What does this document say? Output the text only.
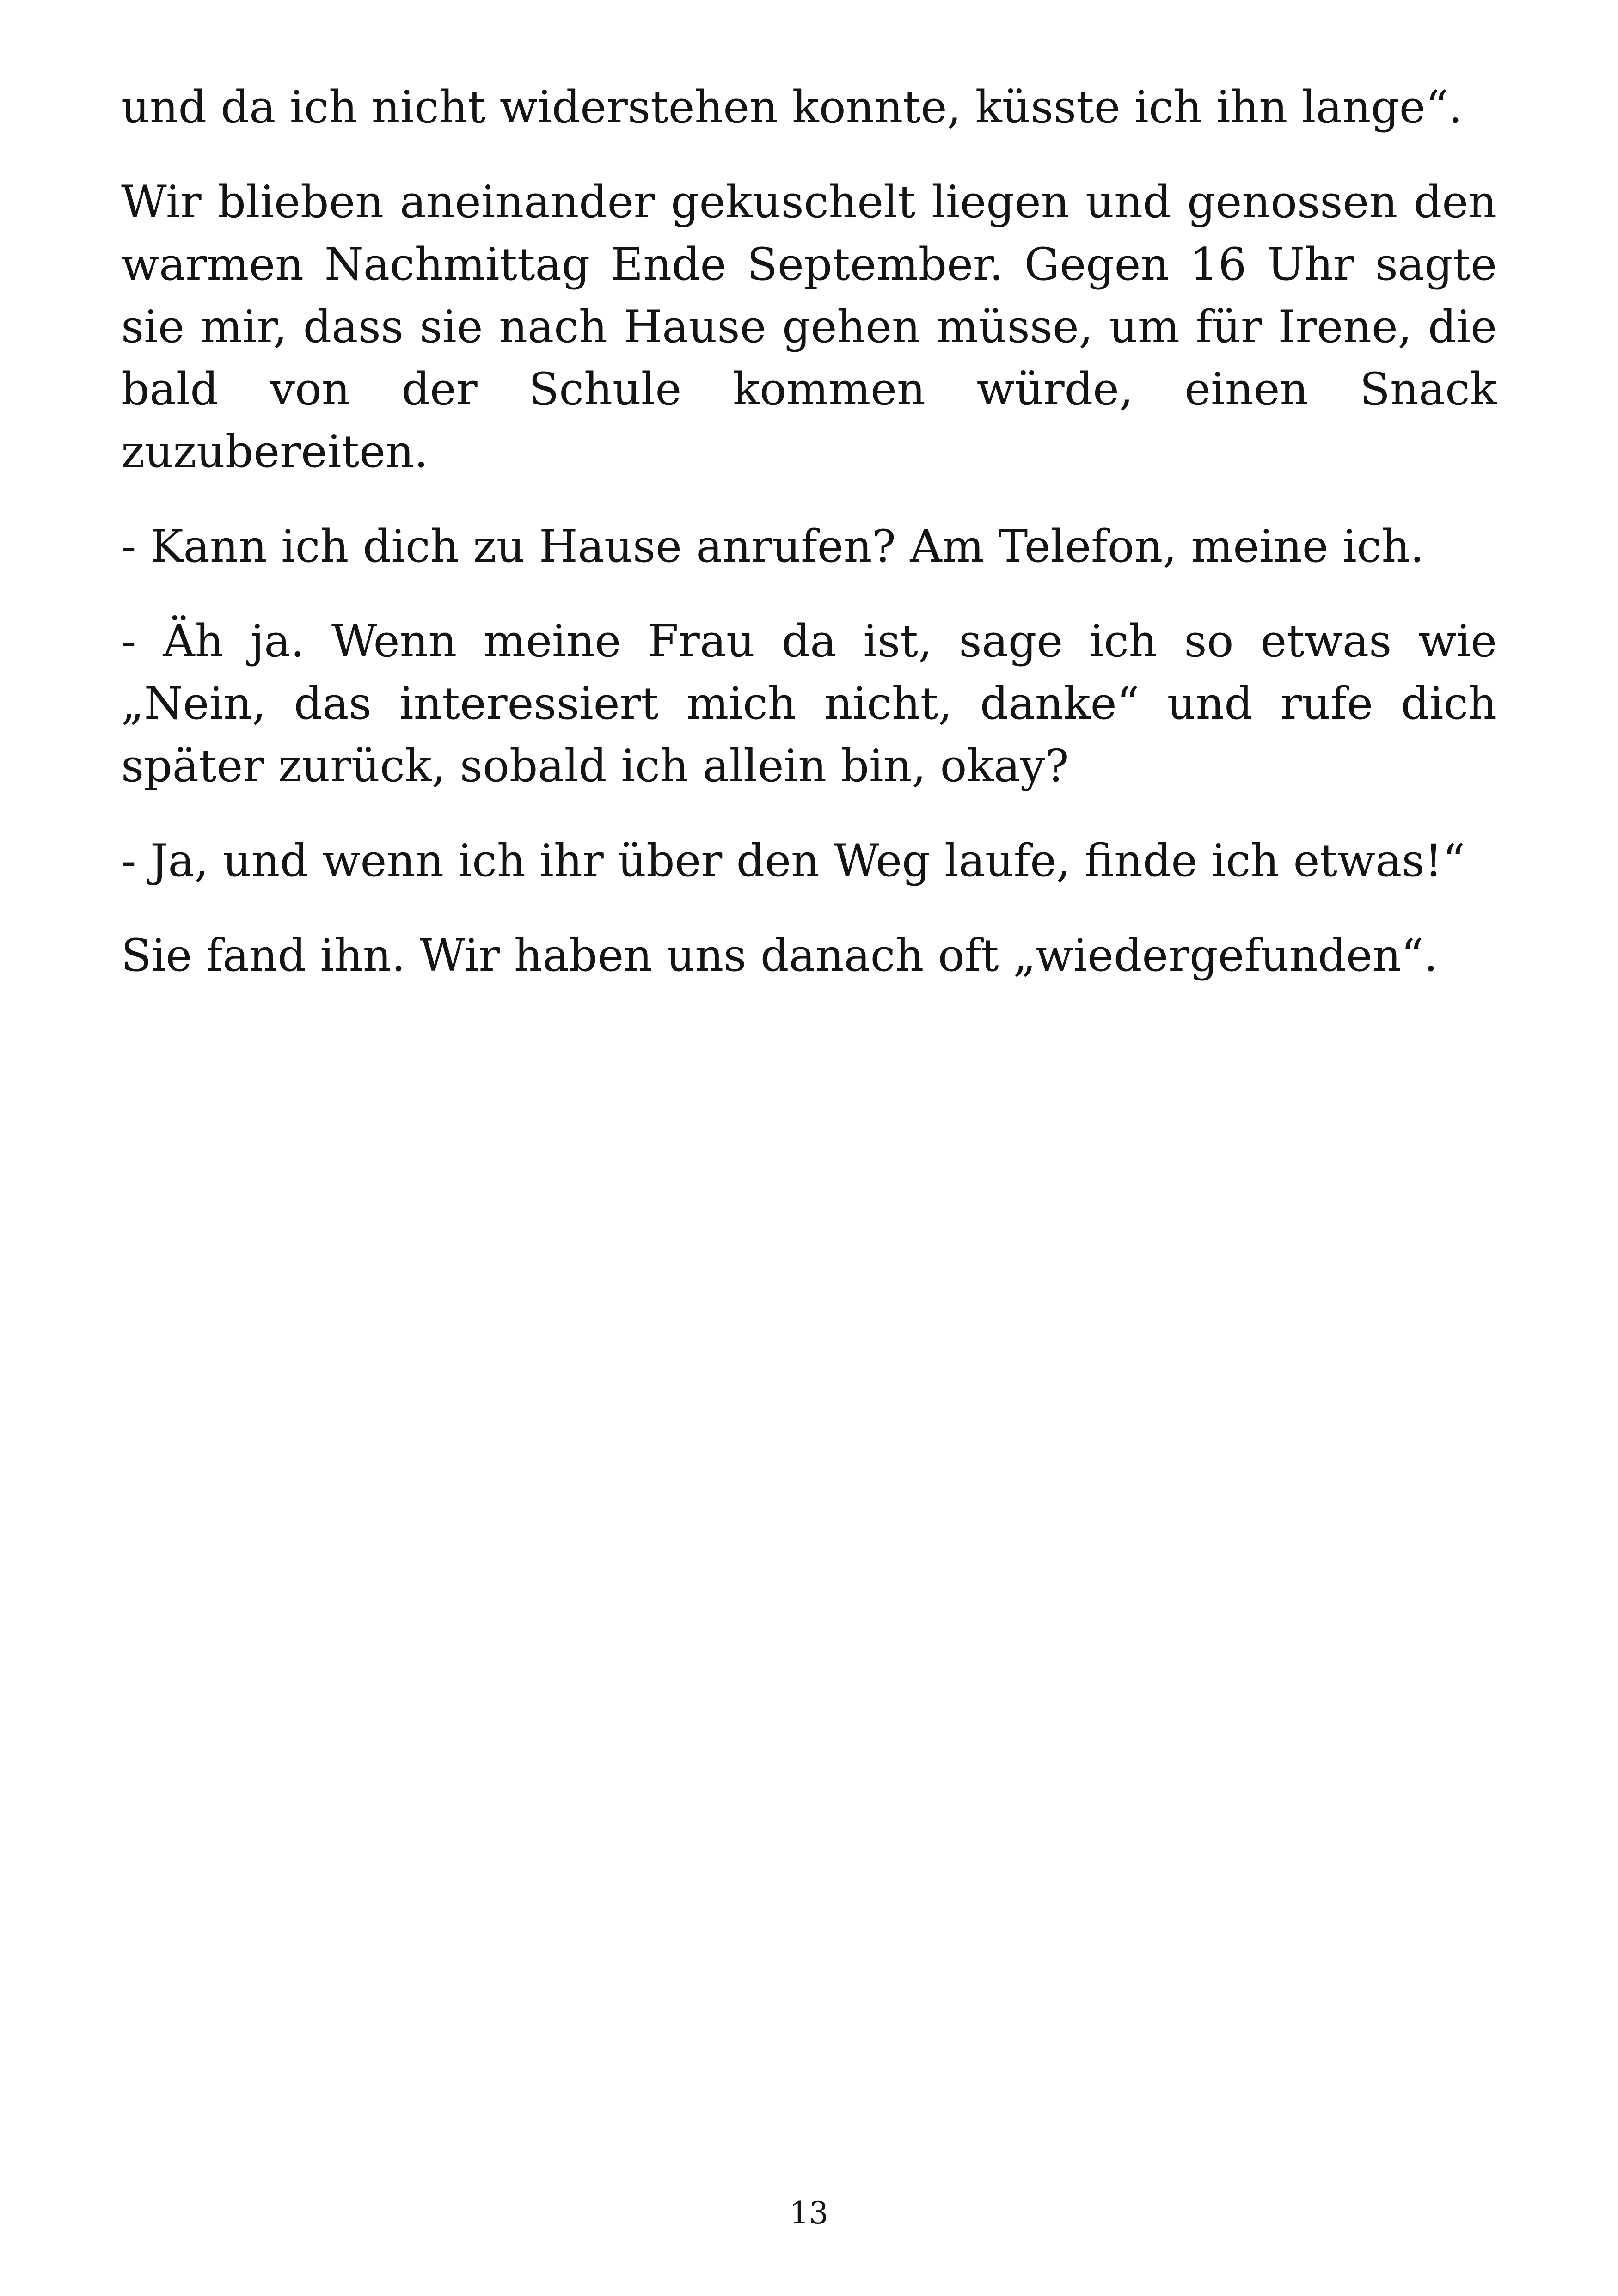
und da ich nicht widerstehen konnte, küsste ich ihn lange“.

Wir blieben aneinander gekuschelt liegen und genossen den warmen Nachmittag Ende September. Gegen 16 Uhr sagte sie mir, dass sie nach Hause gehen müsse, um für Irene, die bald von der Schule kommen würde, einen Snack zuzubereiten.

- Kann ich dich zu Hause anrufen? Am Telefon, meine ich.

- Äh ja. Wenn meine Frau da ist, sage ich so etwas wie „Nein, das interessiert mich nicht, danke“ und rufe dich später zurück, sobald ich allein bin, okay?

- Ja, und wenn ich ihr über den Weg laufe, finde ich etwas!“

Sie fand ihn. Wir haben uns danach oft „wiedergefunden“.

13
